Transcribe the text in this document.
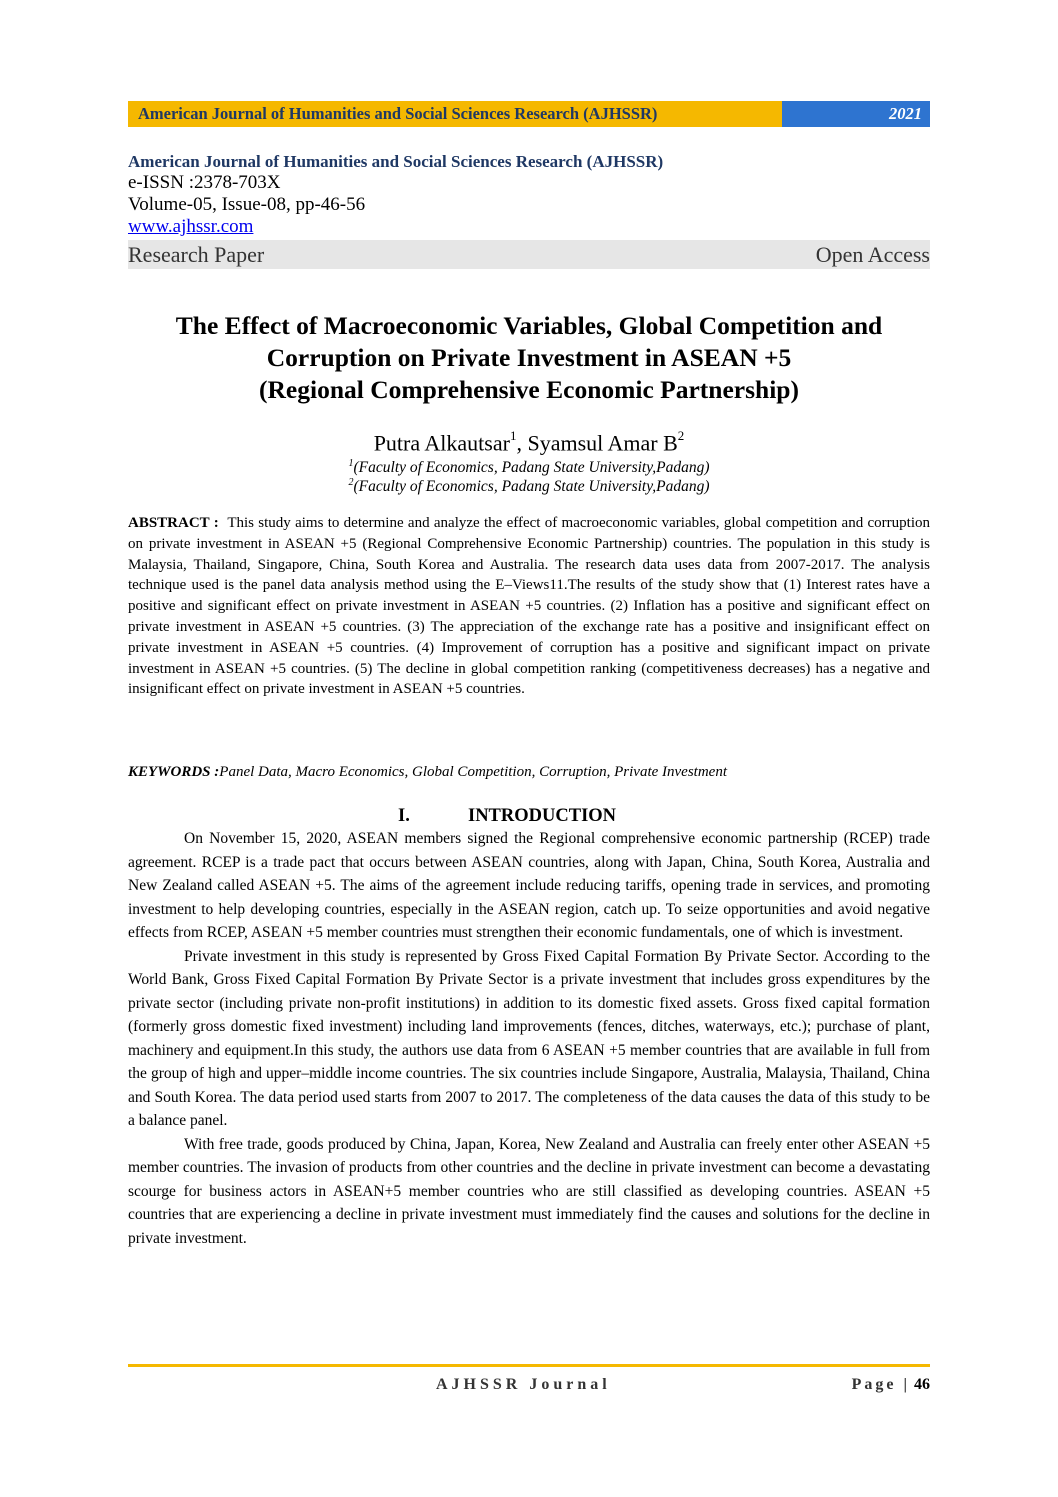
American Journal of Humanities and Social Sciences Research (AJHSSR)	2021
American Journal of Humanities and Social Sciences Research (AJHSSR)
e-ISSN :2378-703X
Volume-05, Issue-08, pp-46-56
www.ajhssr.com
Research Paper	Open Access
The Effect of Macroeconomic Variables, Global Competition and
Corruption on Private Investment in ASEAN +5
(Regional Comprehensive Economic Partnership)
Putra Alkautsar$^1$, Syamsul Amar $B^2$
$^1$(Faculty of Economics, Padang State University,Padang)
$^2$(Faculty of Economics, Padang State University,Padang)
ABSTRACT : This study aims to determine and analyze the effect of macroeconomic variables, global competition and corruption on private investment in ASEAN +5 (Regional Comprehensive Economic Partnership) countries. The population in this study is Malaysia, Thailand, Singapore, China, South Korea and Australia. The research data uses data from 2007-2017. The analysis technique used is the panel data analysis method using the E–Views11.The results of the study show that (1) Interest rates have a positive and significant effect on private investment in ASEAN +5 countries. (2) Inflation has a positive and significant effect on private investment in ASEAN +5 countries. (3) The appreciation of the exchange rate has a positive and insignificant effect on private investment in ASEAN +5 countries. (4) Improvement of corruption has a positive and significant impact on private investment in ASEAN +5 countries. (5) The decline in global competition ranking (competitiveness decreases) has a negative and insignificant effect on private investment in ASEAN +5 countries.
KEYWORDS :Panel Data, Macro Economics, Global Competition, Corruption, Private Investment
I.	INTRODUCTION

On November 15, 2020, ASEAN members signed the Regional comprehensive economic partnership (RCEP) trade agreement. RCEP is a trade pact that occurs between ASEAN countries, along with Japan, China, South Korea, Australia and New Zealand called ASEAN +5. The aims of the agreement include reducing tariffs, opening trade in services, and promoting investment to help developing countries, especially in the ASEAN region, catch up. To seize opportunities and avoid negative effects from RCEP, ASEAN +5 member countries must strengthen their economic fundamentals, one of which is investment.

Private investment in this study is represented by Gross Fixed Capital Formation By Private Sector. According to the World Bank, Gross Fixed Capital Formation By Private Sector is a private investment that includes gross expenditures by the private sector (including private non-profit institutions) in addition to its domestic fixed assets. Gross fixed capital formation (formerly gross domestic fixed investment) including land improvements (fences, ditches, waterways, etc.); purchase of plant, machinery and equipment.In this study, the authors use data from 6 ASEAN +5 member countries that are available in full from the group of high and upper–middle income countries. The six countries include Singapore, Australia, Malaysia, Thailand, China and South Korea. The data period used starts from 2007 to 2017. The completeness of the data causes the data of this study to be a balance panel.

With free trade, goods produced by China, Japan, Korea, New Zealand and Australia can freely enter other ASEAN +5 member countries. The invasion of products from other countries and the decline in private investment can become a devastating scourge for business actors in ASEAN+5 member countries who are still classified as developing countries. ASEAN +5 countries that are experiencing a decline in private investment must immediately find the causes and solutions for the decline in private investment.

AJHSSR Journal	Page | 46
